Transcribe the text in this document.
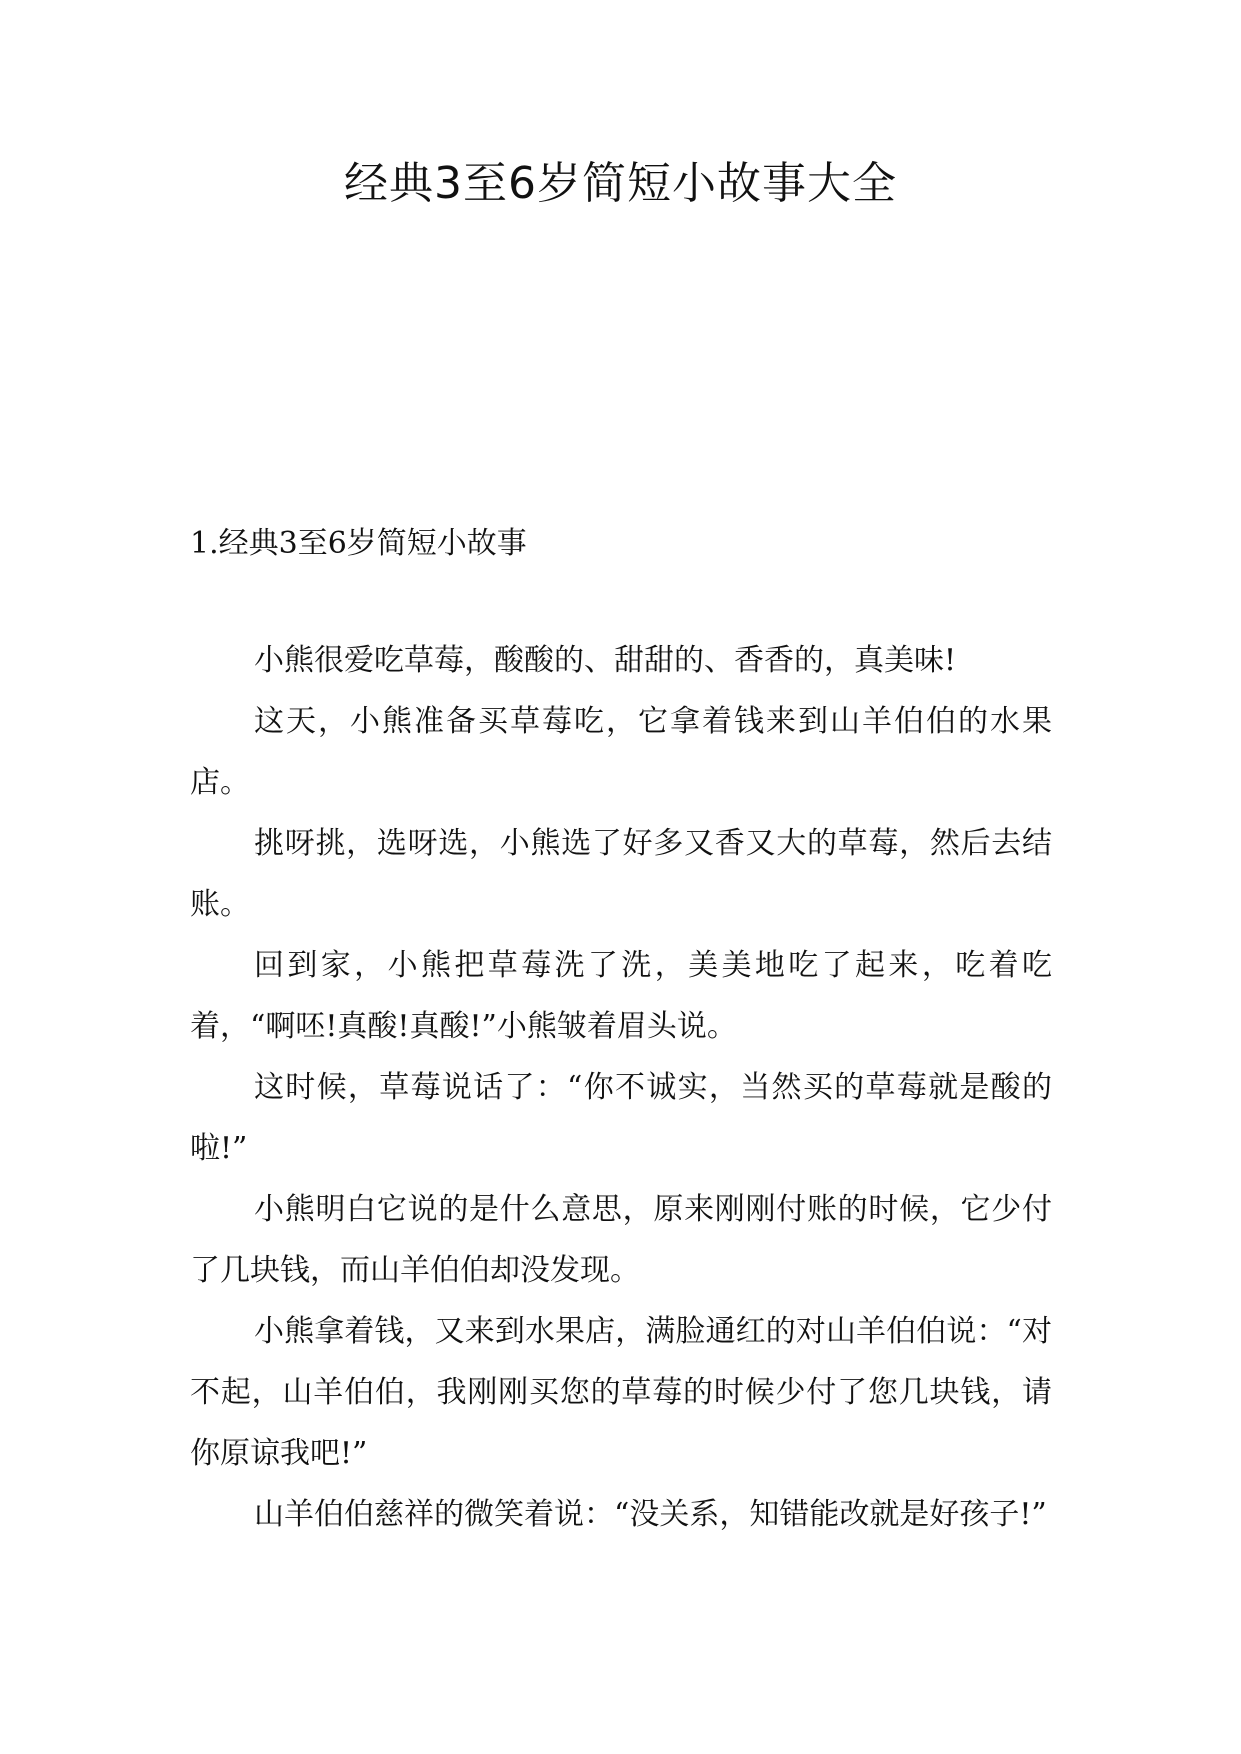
经典3至6岁简短小故事大全
1.经典3至6岁简短小故事

小熊很爱吃草莓，酸酸的、甜甜的、香香的，真美味!

这天，小熊准备买草莓吃，它拿着钱来到山羊伯伯的水果店。

挑呀挑，选呀选，小熊选了好多又香又大的草莓，然后去结账。

回到家，小熊把草莓洗了洗，美美地吃了起来，吃着吃着，“啊呸!真酸!真酸!”小熊皱着眉头说。

这时候，草莓说话了：“你不诚实，当然买的草莓就是酸的啦!”

小熊明白它说的是什么意思，原来刚刚付账的时候，它少付了几块钱，而山羊伯伯却没发现。

小熊拿着钱，又来到水果店，满脸通红的对山羊伯伯说：“对不起，山羊伯伯，我刚刚买您的草莓的时候少付了您几块钱，请你原谅我吧!”

山羊伯伯慈祥的微笑着说：“没关系，知错能改就是好孩子!”
